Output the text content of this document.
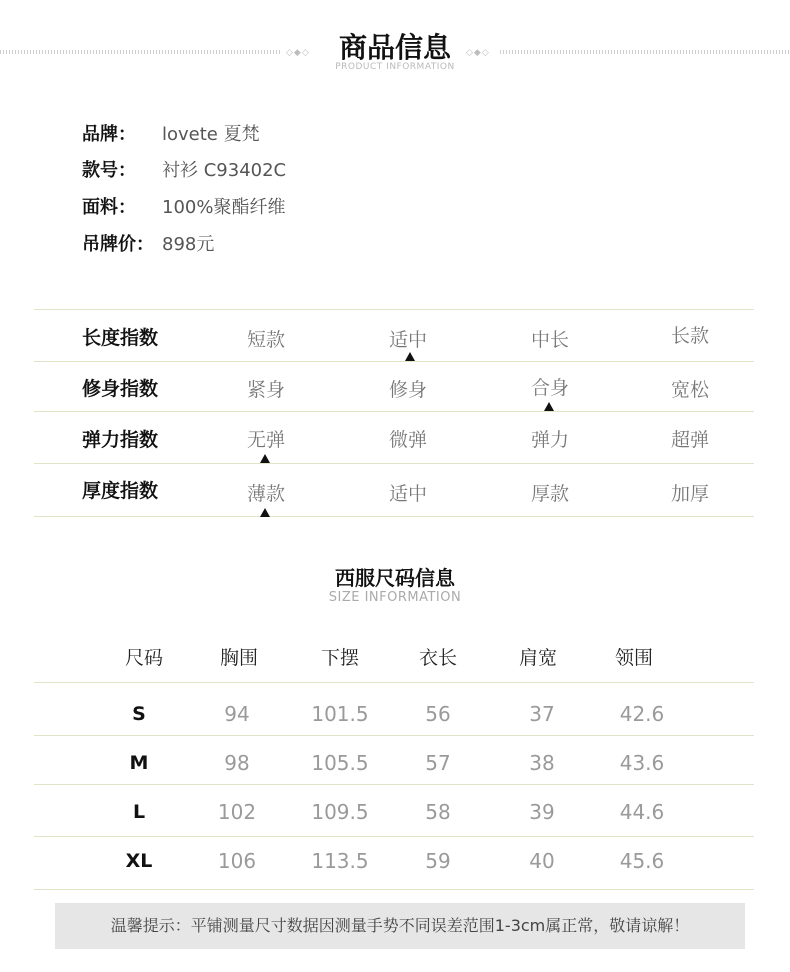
◇◆◇	商品信息	◇◆◇
PRODUCT INFORMATION
品牌： lovete 夏梵
款号： 衬衫 C93402C
面料： 100%聚酯纤维
吊牌价： 898元
长度指数	短款	适中	中长	长款
修身指数	紧身	修身	合身	宽松
弹力指数	无弹	微弹	弹力	超弹
厚度指数	薄款	适中	厚款	加厚
西服尺码信息
SIZE INFORMATION
尺码	胸围	下摆	衣长	肩宽	领围
S	94	101.5	56	37	42.6
M	98	105.5	57	38	43.6
L	102	109.5	58	39	44.6
XL	106	113.5	59	40	45.6
温馨提示：平铺测量尺寸数据因测量手势不同误差范围1-3cm属正常，敬请谅解！
